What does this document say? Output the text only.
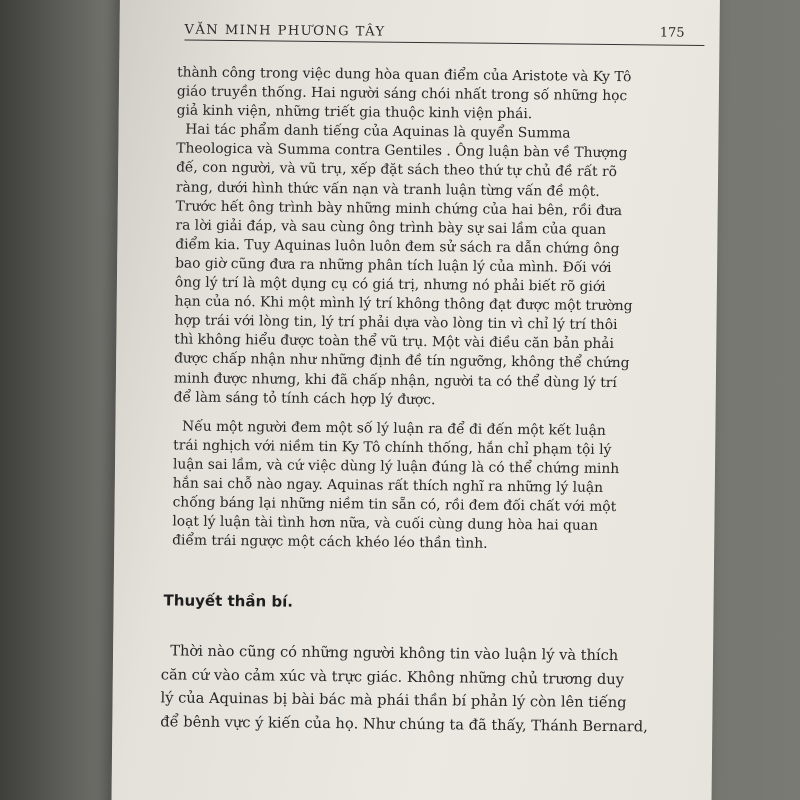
VĂN MINH PHƯƠNG TÂY	175
thành công trong việc dung hòa quan điểm của Aristote và Ky Tô
giáo truyền thống. Hai người sáng chói nhất trong số những học
giả kinh viện, những triết gia thuộc kinh viện phái.
Hai tác phẩm danh tiếng của Aquinas là quyển Summa
Theologica và Summa contra Gentiles . Ông luận bàn về Thượng
đế, con người, và vũ trụ, xếp đặt sách theo thứ tự chủ đề rất rõ
ràng, dưới hình thức vấn nạn và tranh luận từng vấn đề một.
Trước hết ông trình bày những minh chứng của hai bên, rồi đưa
ra lời giải đáp, và sau cùng ông trình bày sự sai lầm của quan
điểm kia. Tuy Aquinas luôn luôn đem sử sách ra dẫn chứng ông
bao giờ cũng đưa ra những phân tích luận lý của mình. Đối với
ông lý trí là một dụng cụ có giá trị, nhưng nó phải biết rõ giới
hạn của nó. Khi một mình lý trí không thông đạt được một trường
hợp trái với lòng tin, lý trí phải dựa vào lòng tin vì chỉ lý trí thôi
thì không hiểu được toàn thể vũ trụ. Một vài điều căn bản phải
được chấp nhận như những định đề tín ngưỡng, không thể chứng
minh được nhưng, khi đã chấp nhận, người ta có thể dùng lý trí
để làm sáng tỏ tính cách hợp lý được.
Nếu một người đem một số lý luận ra để đi đến một kết luận
trái nghịch với niềm tin Ky Tô chính thống, hắn chỉ phạm tội lý
luận sai lầm, và cứ việc dùng lý luận đúng là có thể chứng minh
hắn sai chỗ nào ngay. Aquinas rất thích nghĩ ra những lý luận
chống báng lại những niềm tin sẵn có, rồi đem đối chất với một
loạt lý luận tài tình hơn nữa, và cuối cùng dung hòa hai quan
điểm trái ngược một cách khéo léo thần tình.
Thuyết thần bí.
Thời nào cũng có những người không tin vào luận lý và thích
căn cứ vào cảm xúc và trực giác. Không những chủ trương duy
lý của Aquinas bị bài bác mà phái thần bí phản lý còn lên tiếng
để bênh vực ý kiến của họ. Như chúng ta đã thấy, Thánh Bernard,
